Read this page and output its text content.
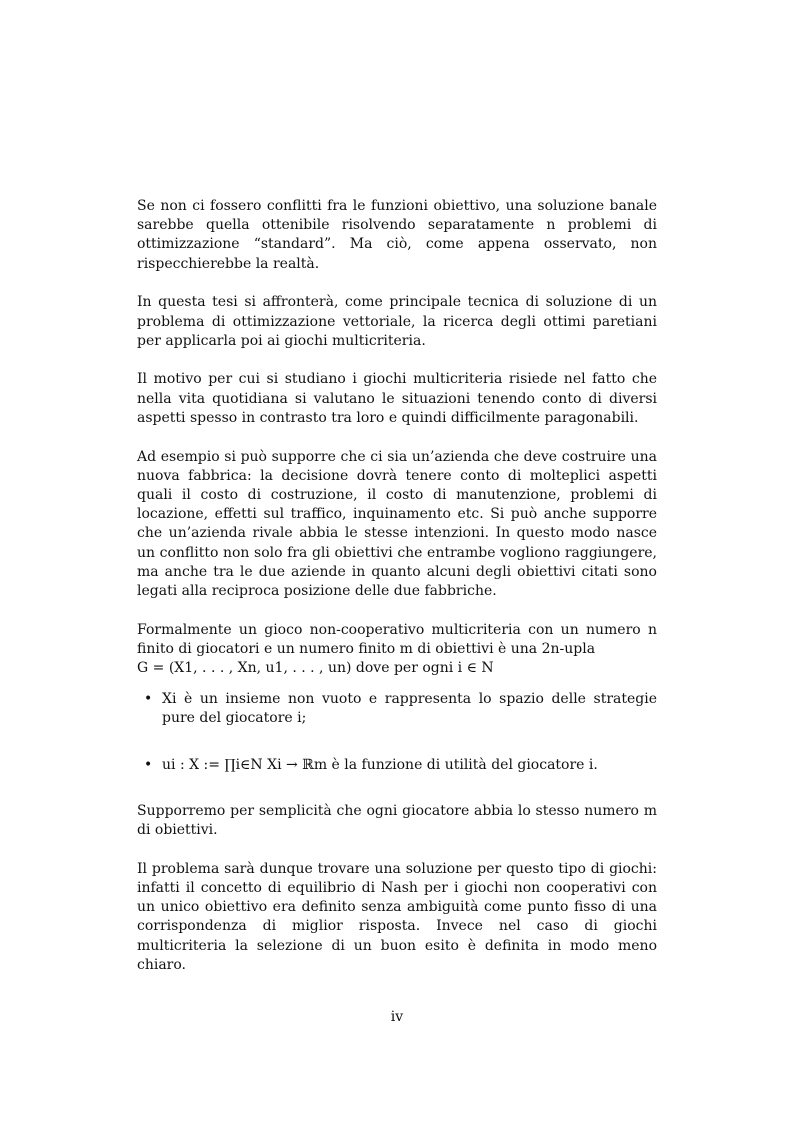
Se non ci fossero conflitti fra le funzioni obiettivo, una soluzione banale sarebbe quella ottenibile risolvendo separatamente n problemi di ottimizzazione “standard”. Ma ciò, come appena osservato, non rispecchierebbe la realtà.

In questa tesi si affronterà, come principale tecnica di soluzione di un problema di ottimizzazione vettoriale, la ricerca degli ottimi paretiani per applicarla poi ai giochi multicriteria.

Il motivo per cui si studiano i giochi multicriteria risiede nel fatto che nella vita quotidiana si valutano le situazioni tenendo conto di diversi aspetti spesso in contrasto tra loro e quindi difficilmente paragonabili.

Ad esempio si può supporre che ci sia un’azienda che deve costruire una nuova fabbrica: la decisione dovrà tenere conto di molteplici aspetti quali il costo di costruzione, il costo di manutenzione, problemi di locazione, effetti sul traffico, inquinamento etc. Si può anche supporre che un’azienda rivale abbia le stesse intenzioni. In questo modo nasce un conflitto non solo fra gli obiettivi che entrambe vogliono raggiungere, ma anche tra le due aziende in quanto alcuni degli obiettivi citati sono legati alla reciproca posizione delle due fabbriche.

Formalmente un gioco non-cooperativo multicriteria con un numero n finito di giocatori e un numero finito m di obiettivi è una 2n-upla

G = (X1, . . . , Xn, u1, . . . , un) dove per ogni i ∈ N

• Xi è un insieme non vuoto e rappresenta lo spazio delle strategie pure del giocatore i;
• ui : X := ∏i∈N Xi → ℝm è la funzione di utilità del giocatore i.

Supporremo per semplicità che ogni giocatore abbia lo stesso numero m di obiettivi.

Il problema sarà dunque trovare una soluzione per questo tipo di giochi: infatti il concetto di equilibrio di Nash per i giochi non cooperativi con un unico obiettivo era definito senza ambiguità come punto fisso di una corrispondenza di miglior risposta. Invece nel caso di giochi multicriteria la selezione di un buon esito è definita in modo meno chiaro.

iv
